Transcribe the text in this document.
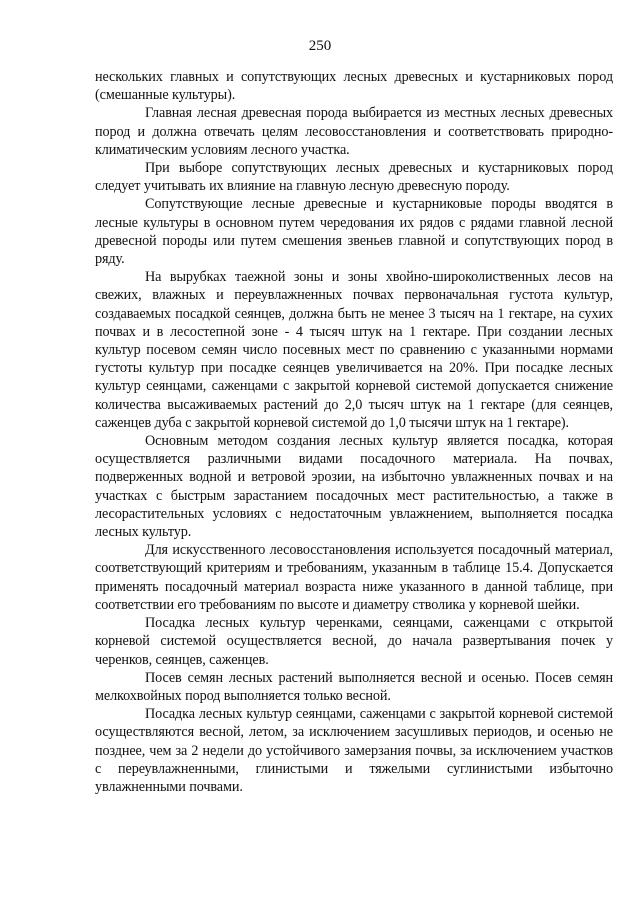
250

нескольких главных и сопутствующих лесных древесных и кустарниковых пород (смешанные культуры).

Главная лесная древесная порода выбирается из местных лесных древесных пород и должна отвечать целям лесовосстановления и соответствовать природно-климатическим условиям лесного участка.

При выборе сопутствующих лесных древесных и кустарниковых пород следует учитывать их влияние на главную лесную древесную породу.

Сопутствующие лесные древесные и кустарниковые породы вводятся в лесные культуры в основном путем чередования их рядов с рядами главной лесной древесной породы или путем смешения звеньев главной и сопутствующих пород в ряду.

На вырубках таежной зоны и зоны хвойно-широколиственных лесов на свежих, влажных и переувлажненных почвах первоначальная густота культур, создаваемых посадкой сеянцев, должна быть не менее 3 тысяч на 1 гектаре, на сухих почвах и в лесостепной зоне - 4 тысяч штук на 1 гектаре. При создании лесных культур посевом семян число посевных мест по сравнению с указанными нормами густоты культур при посадке сеянцев увеличивается на 20%. При посадке лесных культур сеянцами, саженцами с закрытой корневой системой допускается снижение количества высаживаемых растений до 2,0 тысяч штук на 1 гектаре (для сеянцев, саженцев дуба с закрытой корневой системой до 1,0 тысячи штук на 1 гектаре).

Основным методом создания лесных культур является посадка, которая осуществляется различными видами посадочного материала. На почвах, подверженных водной и ветровой эрозии, на избыточно увлажненных почвах и на участках с быстрым зарастанием посадочных мест растительностью, а также в лесорастительных условиях с недостаточным увлажнением, выполняется посадка лесных культур.

Для искусственного лесовосстановления используется посадочный материал, соответствующий критериям и требованиям, указанным в таблице 15.4. Допускается применять посадочный материал возраста ниже указанного в данной таблице, при соответствии его требованиям по высоте и диаметру стволика у корневой шейки.

Посадка лесных культур черенками, сеянцами, саженцами с открытой корневой системой осуществляется весной, до начала развертывания почек у черенков, сеянцев, саженцев.

Посев семян лесных растений выполняется весной и осенью. Посев семян мелкохвойных пород выполняется только весной.

Посадка лесных культур сеянцами, саженцами с закрытой корневой системой осуществляются весной, летом, за исключением засушливых периодов, и осенью не позднее, чем за 2 недели до устойчивого замерзания почвы, за исключением участков с переувлажненными, глинистыми и тяжелыми суглинистыми избыточно увлажненными почвами.
